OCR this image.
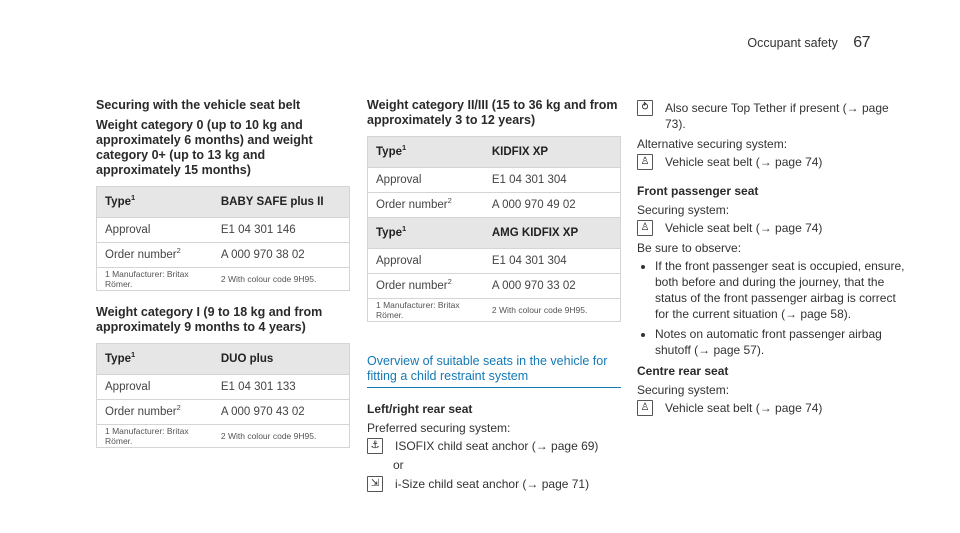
Occupant safety 67
Securing with the vehicle seat belt
Weight category 0 (up to 10 kg and approximately 6 months) and weight category 0+ (up to 13 kg and approximately 15 months)
Type$^1$	BABY SAFE plus II
Approval	E1 04 301 146
Order number$^2$	A 000 970 38 02
1 Manufacturer: Britax Römer.	2 With colour code 9H95.
Weight category I (9 to 18 kg and from approximately 9 months to 4 years)
Type$^1$	DUO plus
Approval	E1 04 301 133
Order number$^2$	A 000 970 43 02
1 Manufacturer: Britax Römer.	2 With colour code 9H95.
Weight category II/III (15 to 36 kg and from approximately 3 to 12 years)
Type$^1$	KIDFIX XP
Approval	E1 04 301 304
Order number$^2$	A 000 970 49 02
Type$^1$	AMG KIDFIX XP
Approval	E1 04 301 304
Order number$^2$	A 000 970 33 02
1 Manufacturer: Britax Römer.	2 With colour code 9H95.
Overview of suitable seats in the vehicle for fitting a child restraint system
Left/right rear seat

Preferred securing system:

⚓ ISOFIX child seat anchor (→ page 69)
or
⇲	i-Size child seat anchor (→ page 71)
⥁	Also secure Top Tether if present (→ page 73).

Alternative securing system:

♙ Vehicle seat belt (→ page 74)
Front passenger seat

Securing system:

♙ Vehicle seat belt (→ page 74)

Be sure to observe:

• If the front passenger seat is occupied, ensure, both before and during the journey, that the status of the front passenger airbag is correct for the current situation (→ page 58).
• Notes on automatic front passenger airbag shutoff (→ page 57).
Centre rear seat

Securing system:

♙ Vehicle seat belt (→ page 74)
